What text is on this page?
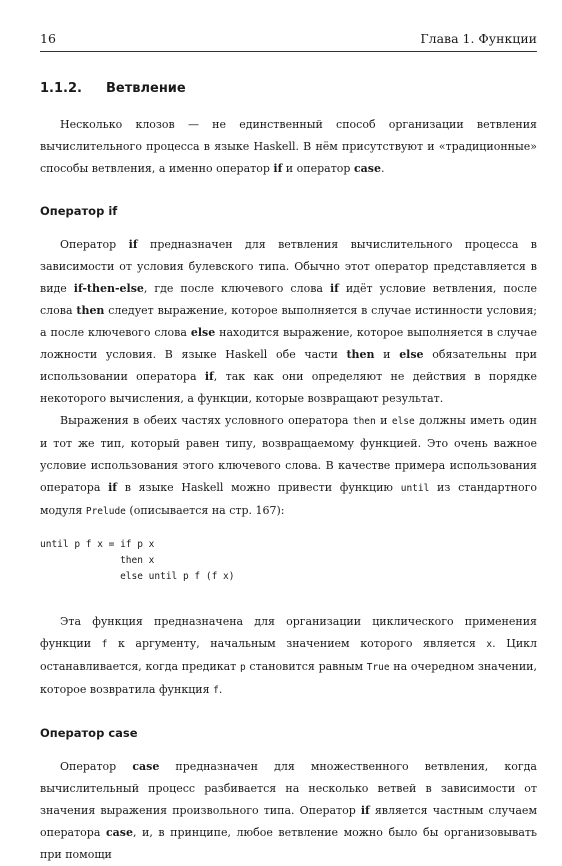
16	Глава 1. Функции
1.1.2. Ветвление

Несколько клозов — не единственный способ организации ветвления вычислительного процесса в языке Haskell. В нём присутствуют и «традиционные» способы ветвления, а именно оператор if и оператор case.

Оператор if

Оператор if предназначен для ветвления вычислительного процесса в зависимости от условия булевского типа. Обычно этот оператор представляется в виде if-then-else, где после ключевого слова if идёт условие ветвления, после слова then следует выражение, которое выполняется в случае истинности условия; а после ключевого слова else находится выражение, которое выполняется в случае ложности условия. В языке Haskell обе части then и else обязательны при использовании оператора if, так как они определяют не действия в порядке некоторого вычисления, а функции, которые возвращают результат.

Выражения в обеих частях условного оператора then и else должны иметь один и тот же тип, который равен типу, возвращаемому функцией. Это очень важное условие использования этого ключевого слова. В качестве примера использования оператора if в языке Haskell можно привести функцию until из стандартного модуля Prelude (описывается на стр. 167):

until p f x = if p x
then x
else until p f (f x)

Эта функция предназначена для организации циклического применения функции f к аргументу, начальным значением которого является x. Цикл останавливается, когда предикат p становится равным True на очередном значении, которое возвратила функция f.

Оператор case

Оператор case предназначен для множественного ветвления, когда вычислительный процесс разбивается на несколько ветвей в зависимости от значения выражения произвольного типа. Оператор if является частным случаем оператора case, и, в принципе, любое ветвление можно было бы организовывать при помощи
